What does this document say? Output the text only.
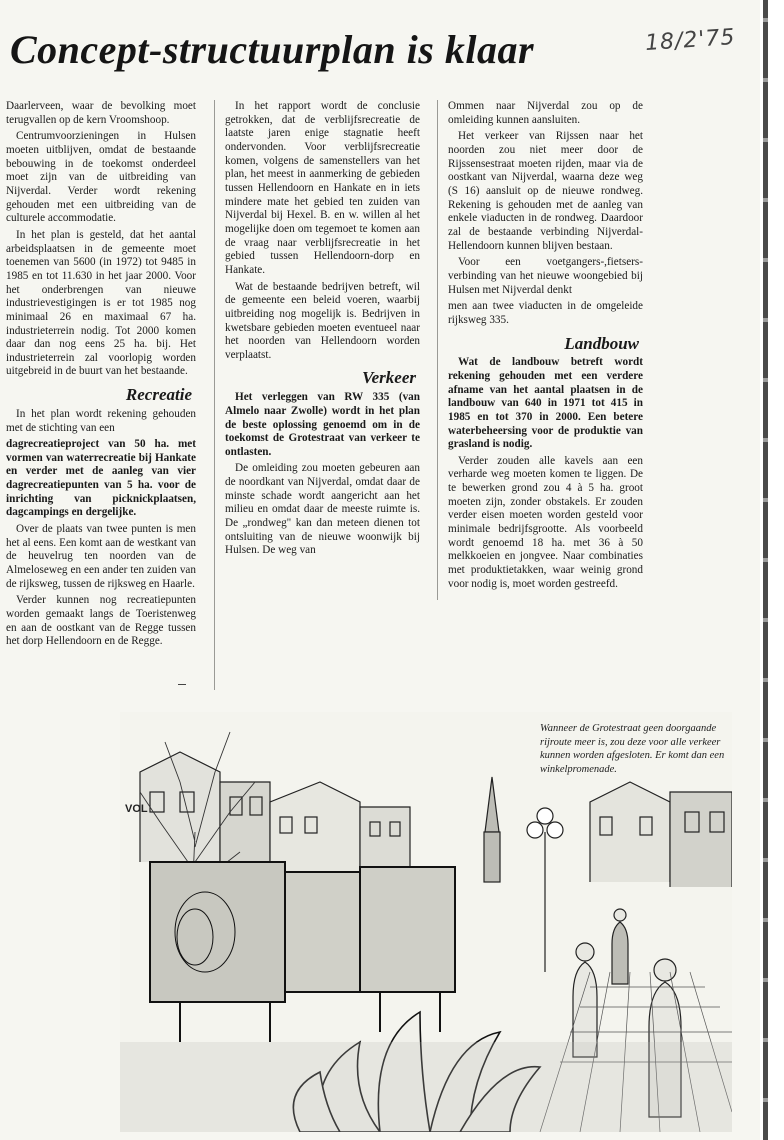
Concept-structuurplan is klaar	18/2'75

Daarlerveen, waar de bevolking moet terugvallen op de kern Vroomshoop.

Centrumvoorzieningen in Hulsen moeten uitblijven, omdat de bestaande bebouwing in de toekomst onderdeel moet zijn van de uitbreiding van Nijverdal. Verder wordt rekening gehouden met een uitbreiding van de culturele accommodatie.

In het plan is gesteld, dat het aantal arbeidsplaatsen in de gemeente moet toenemen van 5600 (in 1972) tot 9485 in 1985 en tot 11.630 in het jaar 2000. Voor het onderbrengen van nieuwe industrievestigingen is er tot 1985 nog minimaal 26 en maximaal 67 ha. industrieterrein nodig. Tot 2000 komen daar dan nog eens 25 ha. bij. Het industrieterrein zal voorlopig worden uitgebreid in de buurt van het bestaande.

Recreatie

In het plan wordt rekening gehouden met de stichting van een

dagrecreatieproject van 50 ha. met vormen van waterrecreatie bij Hankate en verder met de aanleg van vier dagrecreatiepunten van 5 ha. voor de inrichting van picknickplaatsen, dagcampings en dergelijke.

Over de plaats van twee punten is men het al eens. Een komt aan de westkant van de heuvelrug ten noorden van de Almeloseweg en een ander ten zuiden van de rijksweg, tussen de rijksweg en Haarle.

Verder kunnen nog recreatiepunten worden gemaakt langs de Toeristenweg en aan de oostkant van de Regge tussen het dorp Hellendoorn en de Regge.

In het rapport wordt de conclusie getrokken, dat de verblijfsrecreatie de laatste jaren enige stagnatie heeft ondervonden. Voor verblijfsrecreatie komen, volgens de samenstellers van het plan, het meest in aanmerking de gebieden tussen Hellendoorn en Hankate en in iets mindere mate het gebied ten zuiden van Nijverdal bij Hexel. B. en w. willen al het mogelijke doen om tegemoet te komen aan de vraag naar verblijfsrecreatie in het gebied tussen Hellendoorn-dorp en Hankate.

Wat de bestaande bedrijven betreft, wil de gemeente een beleid voeren, waarbij uitbreiding nog mogelijk is. Bedrijven in kwetsbare gebieden moeten eventueel naar het noorden van Hellendoorn worden verplaatst.

Verkeer

Het verleggen van RW 335 (van Almelo naar Zwolle) wordt in het plan de beste oplossing genoemd om in de toekomst de Grotestraat van verkeer te ontlasten.

De omleiding zou moeten gebeuren aan de noordkant van Nijverdal, omdat daar de minste schade wordt aangericht aan het milieu en omdat daar de meeste ruimte is. De „rondweg" kan dan meteen dienen tot ontsluiting van de nieuwe woonwijk bij Hulsen. De weg van

Ommen naar Nijverdal zou op de omleiding kunnen aansluiten.

Het verkeer van Rijssen naar het noorden zou niet meer door de Rijssensestraat moeten rijden, maar via de oostkant van Nijverdal, waarna deze weg (S 16) aansluit op de nieuwe rondweg. Rekening is gehouden met de aanleg van enkele viaducten in de rondweg. Daardoor zal de bestaande verbinding Nijverdal-Hellendoorn kunnen blijven bestaan.

Voor een voetgangers-,fietsers-verbinding van het nieuwe woongebied bij Hulsen met Nijverdal denkt

men aan twee viaducten in de omgeleide rijksweg 335.

Landbouw

Wat de landbouw betreft wordt rekening gehouden met een verdere afname van het aantal plaatsen in de landbouw van 640 in 1971 tot 415 in 1985 en tot 370 in 2000. Een betere waterbeheersing voor de produktie van grasland is nodig.

Verder zouden alle kavels aan een verharde weg moeten komen te liggen. De te bewerken grond zou 4 à 5 ha. groot moeten zijn, zonder obstakels. Er zouden verder eisen moeten worden gesteld voor minimale bedrijfsgrootte. Als voorbeeld wordt genoemd 18 ha. met 36 à 50 melkkoeien en jongvee. Naar combinaties met produktietakken, waar weinig grond voor nodig is, moet worden gestreefd.

VOL
Wanneer de Grotestraat geen doorgaande rijroute meer is, zou deze voor alle verkeer kunnen worden afgesloten. Er komt dan een winkelpromenade.
